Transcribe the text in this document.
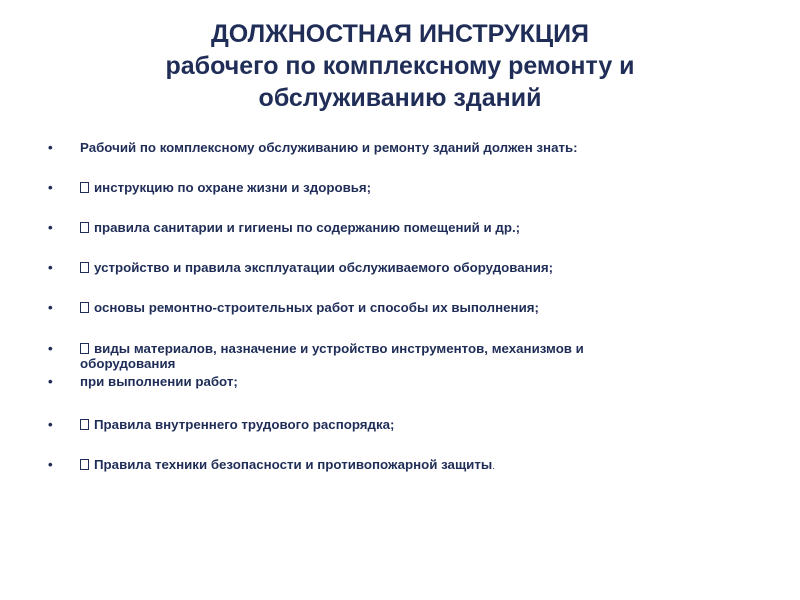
ДОЛЖНОСТНАЯ ИНСТРУКЦИЯ
рабочего по комплексному ремонту и
обслуживанию зданий
•	Рабочий по комплексному обслуживанию и ремонту зданий должен знать:
•	инструкцию по охране жизни и здоровья;
•	правила санитарии и гигиены по содержанию помещений и др.;
•	устройство и правила эксплуатации обслуживаемого оборудования;
•	основы ремонтно-строительных работ и способы их выполнения;
•	виды материалов, назначение и устройство инструментов, механизмов и
оборудования
•	при выполнении работ;
•	Правила внутреннего трудового распорядка;
•	Правила техники безопасности и противопожарной защиты.
